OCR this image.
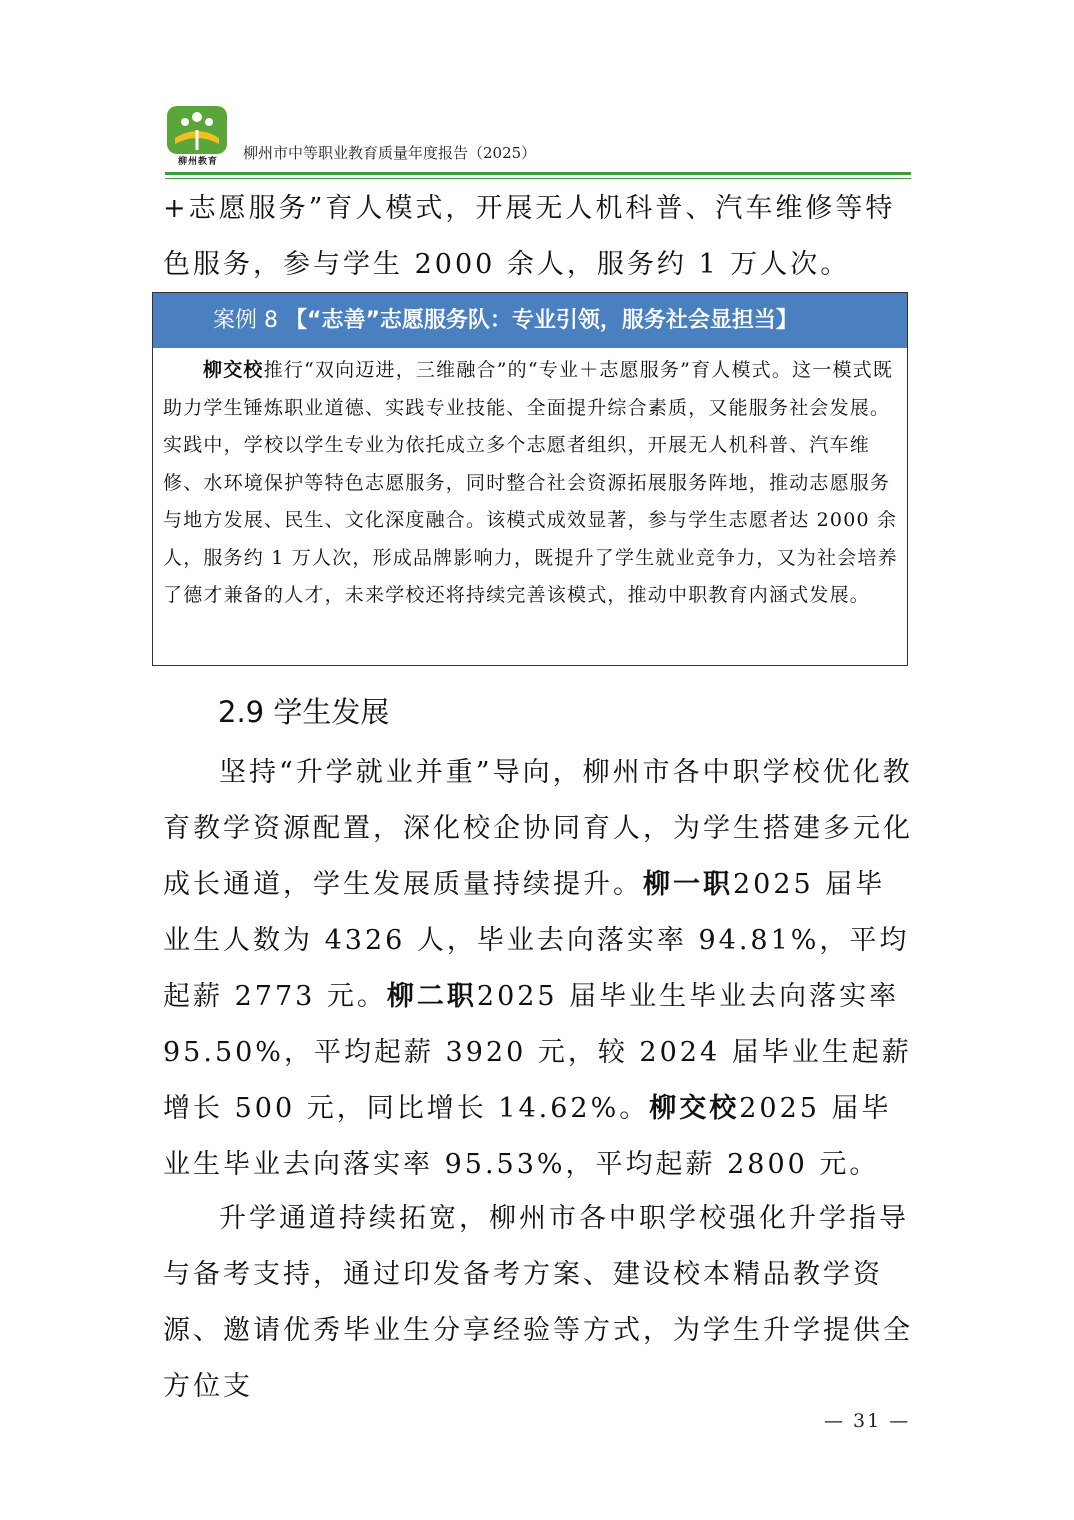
柳州教育	柳州市中等职业教育质量年度报告（2025）
+志愿服务”育人模式，开展无人机科普、汽车维修等特色服务，参与学生 2000 余人，服务约 1 万人次。
案例 8 【“志善”志愿服务队：专业引领，服务社会显担当】
柳交校推行“双向迈进，三维融合”的“专业＋志愿服务”育人模式。这一模式既助力学生锤炼职业道德、实践专业技能、全面提升综合素质，又能服务社会发展。实践中，学校以学生专业为依托成立多个志愿者组织，开展无人机科普、汽车维修、水环境保护等特色志愿服务，同时整合社会资源拓展服务阵地，推动志愿服务与地方发展、民生、文化深度融合。该模式成效显著，参与学生志愿者达 2000 余人，服务约 1 万人次，形成品牌影响力，既提升了学生就业竞争力，又为社会培养了德才兼备的人才，未来学校还将持续完善该模式，推动中职教育内涵式发展。
2.9 学生发展
坚持“升学就业并重”导向，柳州市各中职学校优化教育教学资源配置，深化校企协同育人，为学生搭建多元化成长通道，学生发展质量持续提升。柳一职2025 届毕业生人数为 4326 人，毕业去向落实率 94.81%，平均起薪 2773 元。柳二职2025 届毕业生毕业去向落实率 95.50%，平均起薪 3920 元，较 2024 届毕业生起薪增长 500 元，同比增长 14.62%。柳交校2025 届毕业生毕业去向落实率 95.53%，平均起薪 2800 元。
升学通道持续拓宽，柳州市各中职学校强化升学指导与备考支持，通过印发备考方案、建设校本精品教学资源、邀请优秀毕业生分享经验等方式，为学生升学提供全方位支
— 31 —
